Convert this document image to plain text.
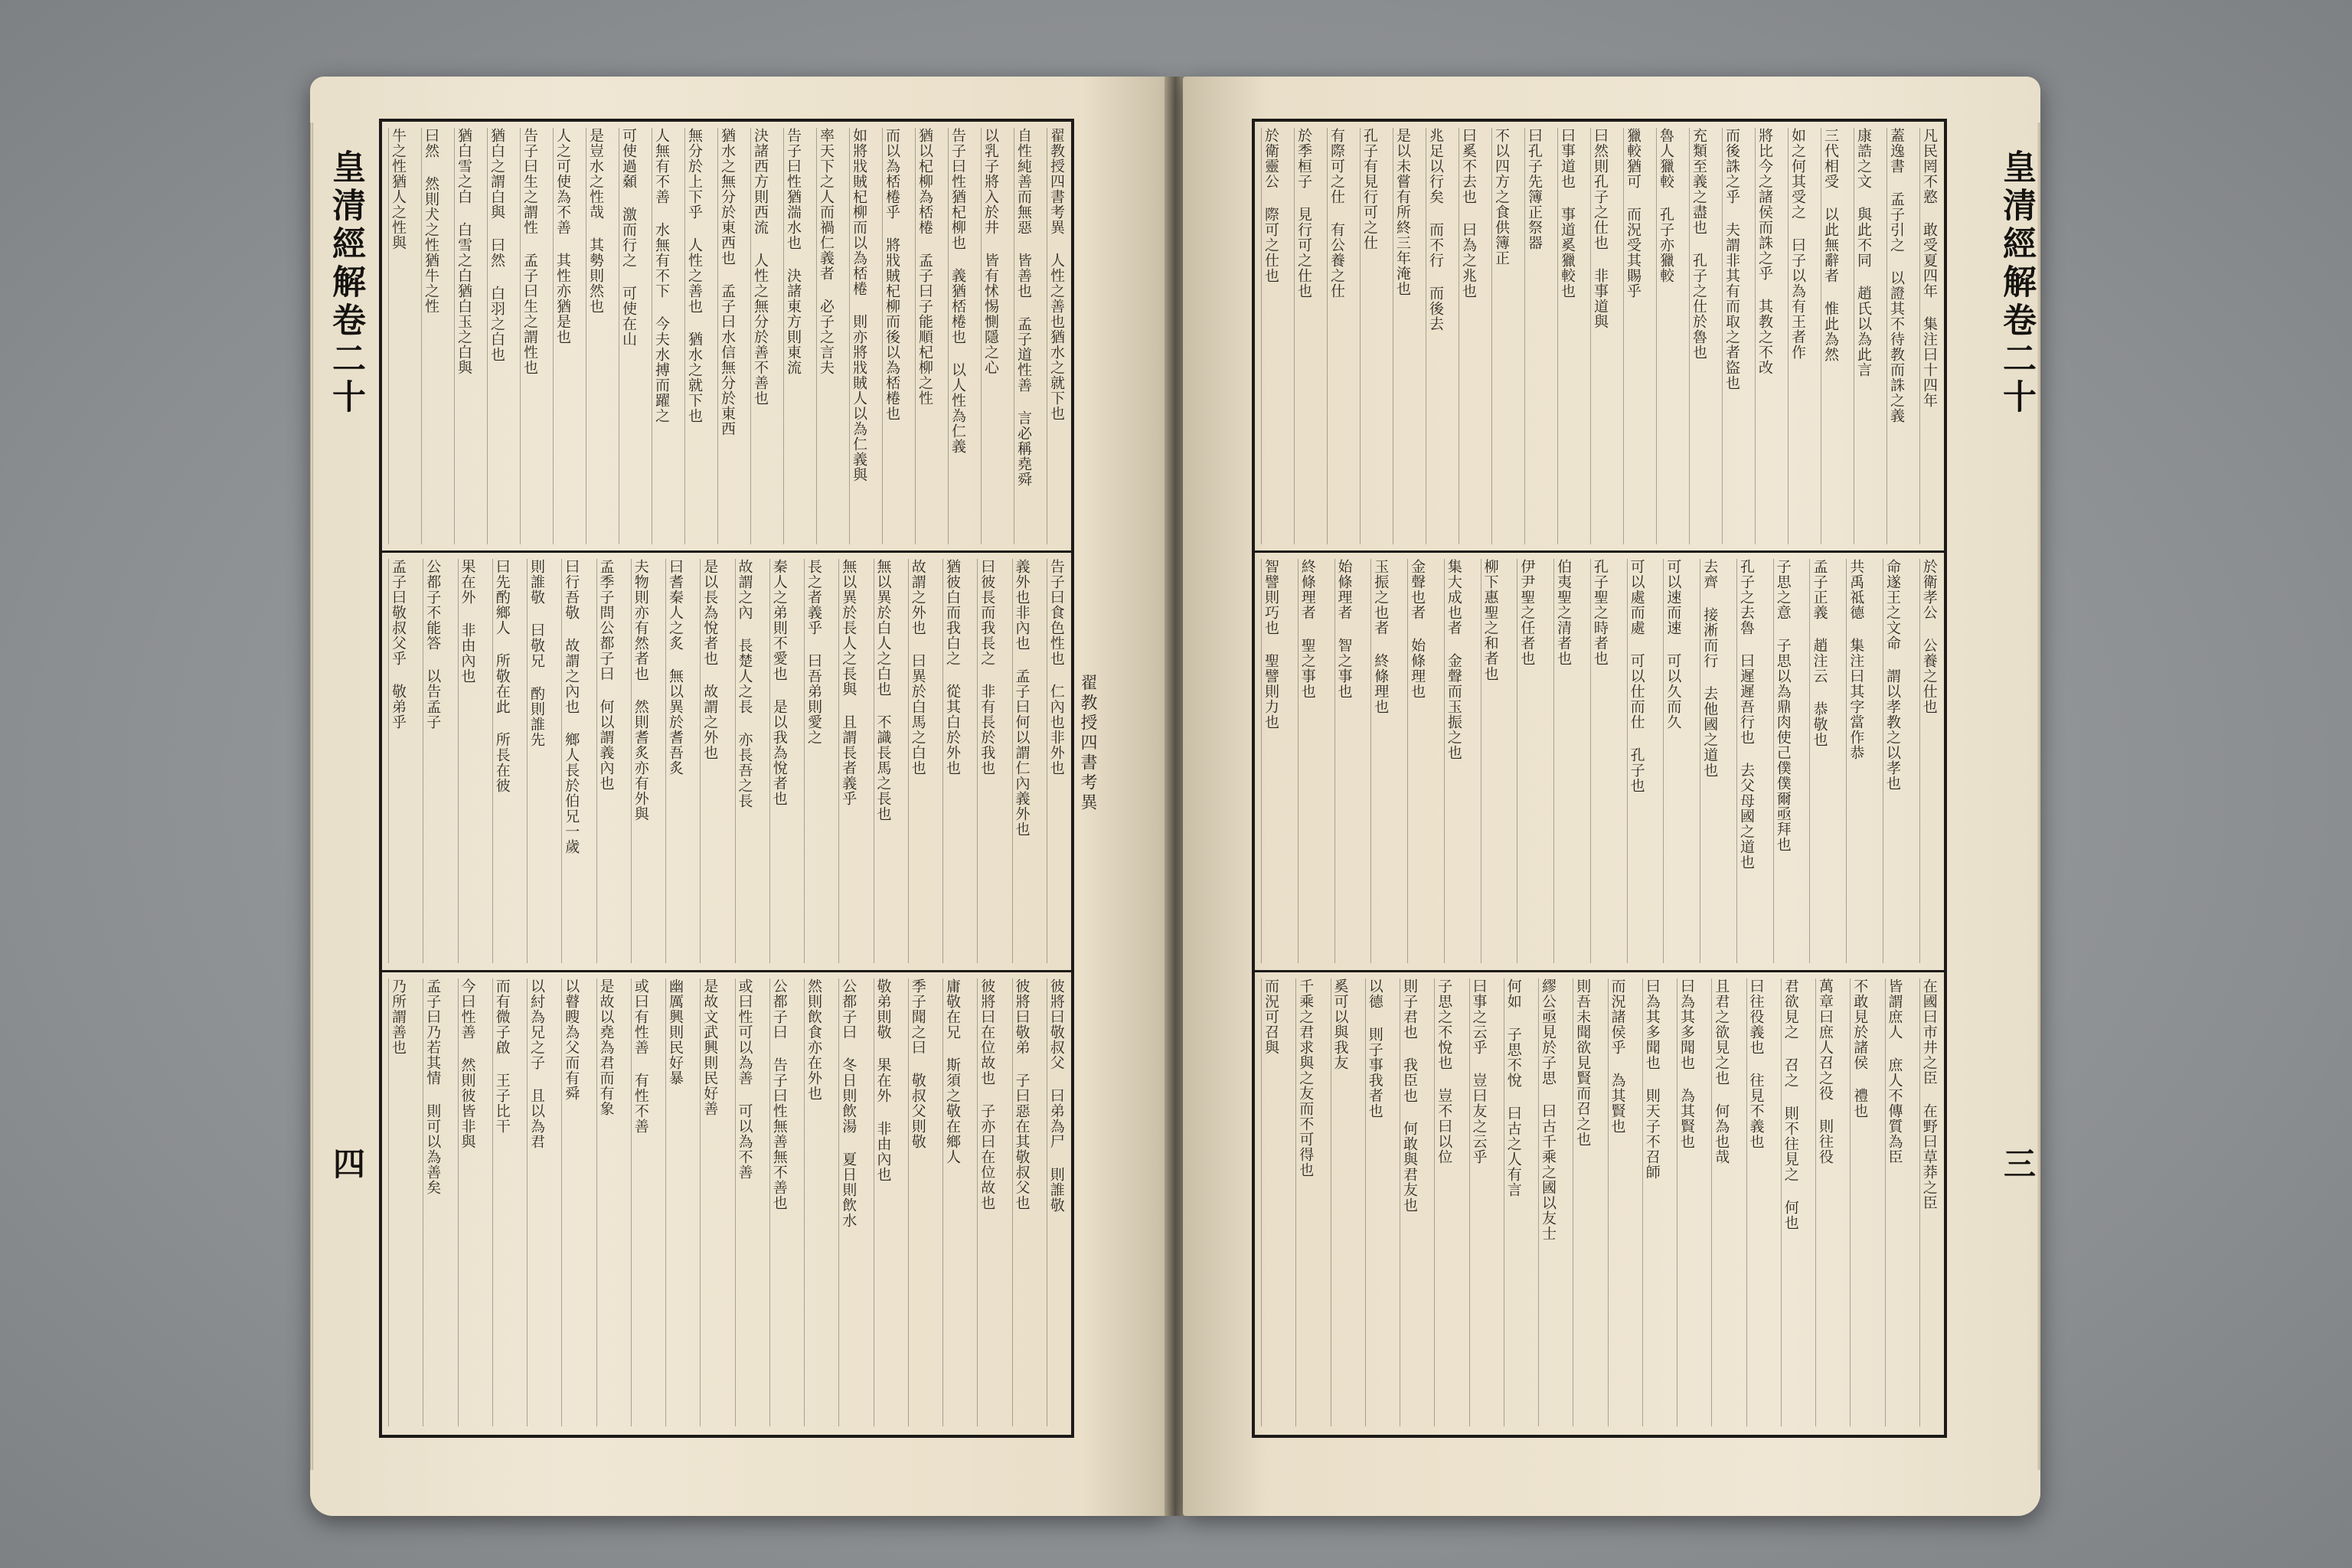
皇清經解卷二十
四
翟教授四書考異 人性之善也猶水之就下也
自性純善而無惡 皆善也 孟子道性善 言必稱堯舜
以乳子將入於井 皆有怵惕惻隱之心
告子曰性猶杞柳也 義猶桮棬也 以人性為仁義
猶以杞柳為桮棬 孟子曰子能順杞柳之性
而以為桮棬乎 將戕賊杞柳而後以為桮棬也
如將戕賊杞柳而以為桮棬 則亦將戕賊人以為仁義與
率天下之人而禍仁義者 必子之言夫
告子曰性猶湍水也 決諸東方則東流
決諸西方則西流 人性之無分於善不善也
猶水之無分於東西也 孟子曰水信無分於東西
無分於上下乎 人性之善也 猶水之就下也
人無有不善 水無有不下 今夫水搏而躍之
可使過顙 激而行之 可使在山
是豈水之性哉 其勢則然也
人之可使為不善 其性亦猶是也
告子曰生之謂性 孟子曰生之謂性也
猶白之謂白與 曰然 白羽之白也
猶白雪之白 白雪之白猶白玉之白與
曰然 然則犬之性猶牛之性
牛之性猶人之性與
告子曰食色性也 仁內也非外也
義外也非內也 孟子曰何以謂仁內義外也
曰彼長而我長之 非有長於我也
猶彼白而我白之 從其白於外也
故謂之外也 曰異於白馬之白也
無以異於白人之白也 不識長馬之長也
無以異於長人之長與 且謂長者義乎
長之者義乎 曰吾弟則愛之
秦人之弟則不愛也 是以我為悅者也
故謂之內 長楚人之長 亦長吾之長
是以長為悅者也 故謂之外也
曰耆秦人之炙 無以異於耆吾炙
夫物則亦有然者也 然則耆炙亦有外與
孟季子問公都子曰 何以謂義內也
曰行吾敬 故謂之內也 鄉人長於伯兄一歲
則誰敬 曰敬兄 酌則誰先
曰先酌鄉人 所敬在此 所長在彼
果在外 非由內也
公都子不能答 以告孟子
孟子曰敬叔父乎 敬弟乎
彼將曰敬叔父 曰弟為尸 則誰敬
彼將曰敬弟 子曰惡在其敬叔父也
彼將曰在位故也 子亦曰在位故也
庸敬在兄 斯須之敬在鄉人
季子聞之曰 敬叔父則敬
敬弟則敬 果在外 非由內也
公都子曰 冬日則飲湯 夏日則飲水
然則飲食亦在外也
公都子曰 告子曰性無善無不善也
或曰性可以為善 可以為不善
是故文武興則民好善
幽厲興則民好暴
或曰有性善 有性不善
是故以堯為君而有象
以瞽瞍為父而有舜
以紂為兄之子 且以為君
而有微子啟 王子比干
今曰性善 然則彼皆非與
孟子曰乃若其情 則可以為善矣
乃所謂善也
翟教授四書考異
凡民罔不憝 敢受夏四年 集注曰十四年
蓋逸書 孟子引之 以證其不待教而誅之義
康誥之文 與此不同 趙氏以為此言
三代相受 以此無辭者 惟此為然
如之何其受之 曰子以為有王者作
將比今之諸侯而誅之乎 其教之不改
而後誅之乎 夫謂非其有而取之者盜也
充類至義之盡也 孔子之仕於魯也
魯人獵較 孔子亦獵較
獵較猶可 而況受其賜乎
曰然則孔子之仕也 非事道與
曰事道也 事道奚獵較也
曰孔子先簿正祭器
不以四方之食供簿正
曰奚不去也 曰為之兆也
兆足以行矣 而不行 而後去
是以未嘗有所終三年淹也
孔子有見行可之仕
有際可之仕 有公養之仕
於季桓子 見行可之仕也
於衛靈公 際可之仕也
於衛孝公 公養之仕也
命遂王之文命 謂以孝教之以孝也
共禹祗德 集注曰其字當作恭
孟子正義 趙注云 恭敬也
子思之意 子思以為鼎肉使己僕僕爾亟拜也
孔子之去魯 曰遲遲吾行也 去父母國之道也
去齊 接淅而行 去他國之道也
可以速而速 可以久而久
可以處而處 可以仕而仕 孔子也
孔子聖之時者也
伯夷聖之清者也
伊尹聖之任者也
柳下惠聖之和者也
集大成也者 金聲而玉振之也
金聲也者 始條理也
玉振之也者 終條理也
始條理者 智之事也
終條理者 聖之事也
智譬則巧也 聖譬則力也
在國曰市井之臣 在野曰草莽之臣
皆謂庶人 庶人不傳質為臣
不敢見於諸侯 禮也
萬章曰庶人召之役 則往役
君欲見之 召之 則不往見之 何也
曰往役義也 往見不義也
且君之欲見之也 何為也哉
曰為其多聞也 為其賢也
曰為其多聞也 則天子不召師
而況諸侯乎 為其賢也
則吾未聞欲見賢而召之也
繆公亟見於子思 曰古千乘之國以友士
何如 子思不悅 曰古之人有言
曰事之云乎 豈曰友之云乎
子思之不悅也 豈不曰以位
則子君也 我臣也 何敢與君友也
以德 則子事我者也
奚可以與我友
千乘之君求與之友而不可得也
而況可召與
皇清經解卷二十
三
